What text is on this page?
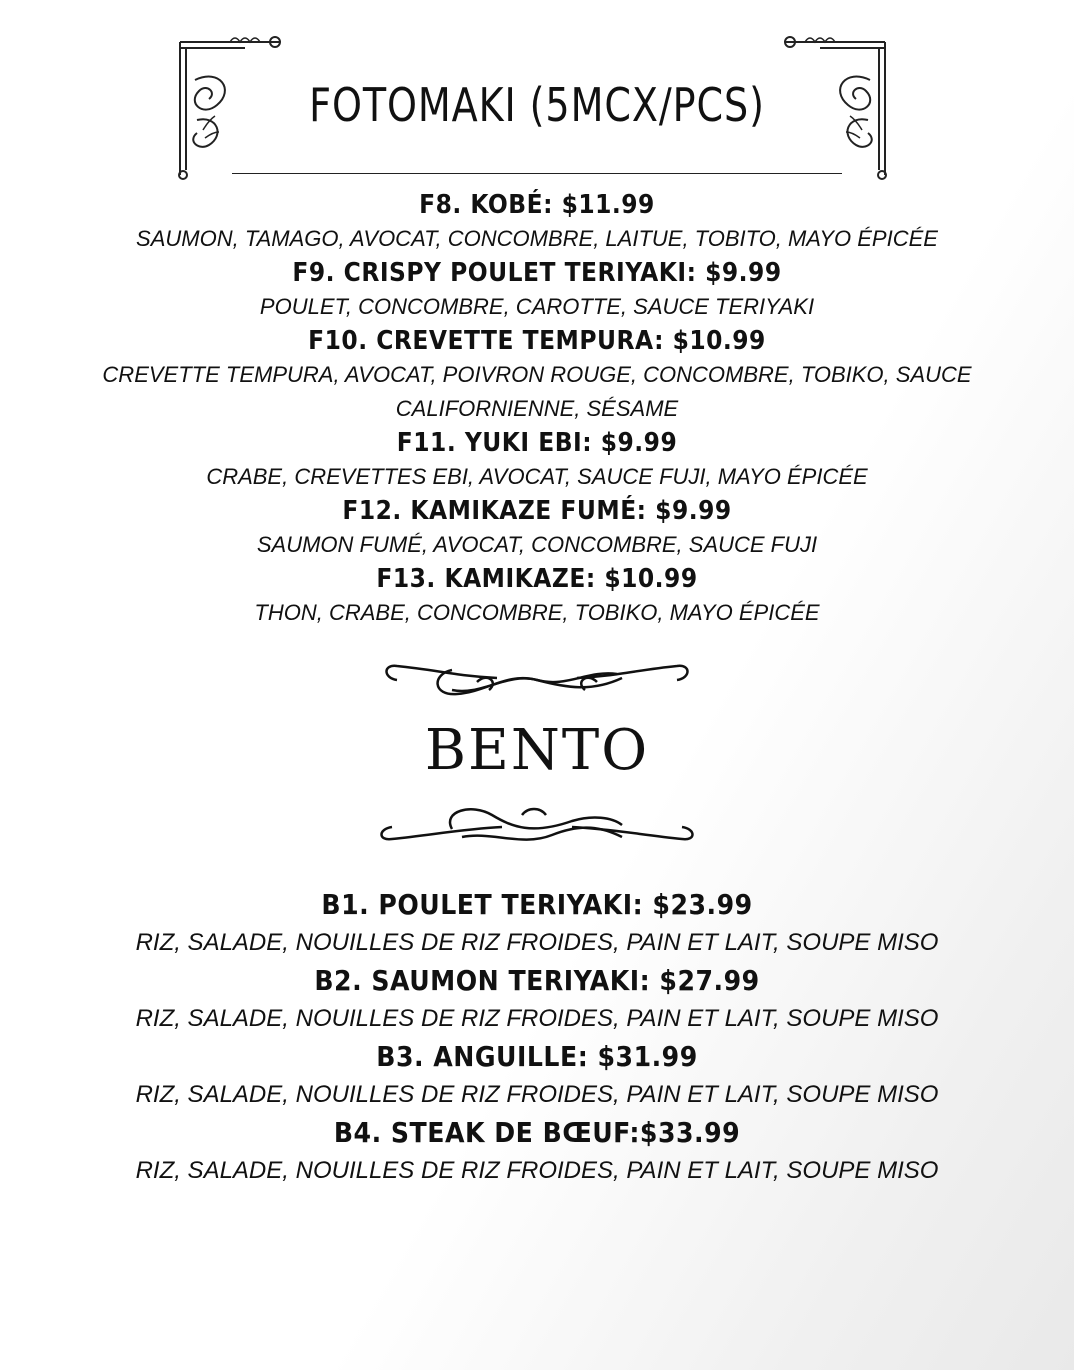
FOTOMAKI (5MCX/PCS)
F8. KOBÉ: $11.99
SAUMON, TAMAGO, AVOCAT, CONCOMBRE, LAITUE, TOBITO, MAYO ÉPICÉE
F9. CRISPY POULET TERIYAKI: $9.99
POULET, CONCOMBRE, CAROTTE, SAUCE TERIYAKI
F10. CREVETTE TEMPURA: $10.99
CREVETTE TEMPURA, AVOCAT, POIVRON ROUGE, CONCOMBRE, TOBIKO, SAUCE CALIFORNIENNE, SÉSAME
F11. YUKI EBI: $9.99
CRABE, CREVETTES EBI, AVOCAT, SAUCE FUJI, MAYO ÉPICÉE
F12. KAMIKAZE FUMÉ: $9.99
SAUMON FUMÉ, AVOCAT, CONCOMBRE, SAUCE FUJI
F13. KAMIKAZE: $10.99
THON, CRABE, CONCOMBRE, TOBIKO, MAYO ÉPICÉE
BENTO
B1. POULET TERIYAKI: $23.99
RIZ, SALADE, NOUILLES DE RIZ FROIDES, PAIN ET LAIT, SOUPE MISO
B2. SAUMON TERIYAKI: $27.99
RIZ, SALADE, NOUILLES DE RIZ FROIDES, PAIN ET LAIT, SOUPE MISO
B3. ANGUILLE: $31.99
RIZ, SALADE, NOUILLES DE RIZ FROIDES, PAIN ET LAIT, SOUPE MISO
B4. STEAK DE BŒUF:$33.99
RIZ, SALADE, NOUILLES DE RIZ FROIDES, PAIN ET LAIT, SOUPE MISO
